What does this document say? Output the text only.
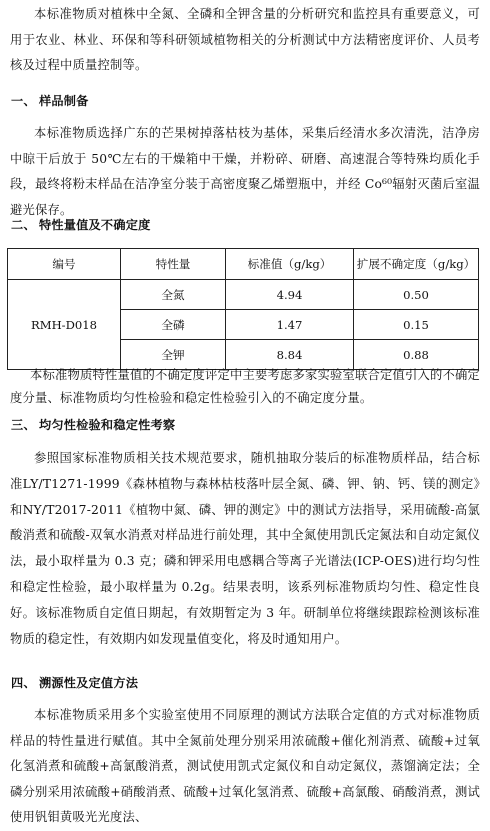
本标准物质对植株中全氮、全磷和全钾含量的分析研究和监控具有重要意义，可用于农业、林业、环保和等科研领域植物相关的分析测试中方法精密度评价、人员考核及过程中质量控制等。
一、 样品制备
本标准物质选择广东的芒果树掉落枯枝为基体，采集后经清水多次清洗，洁净房中晾干后放于 50℃左右的干燥箱中干燥，并粉碎、研磨、高速混合等特殊均质化手段，最终将粉末样品在洁净室分装于高密度聚乙烯塑瓶中，并经 Co⁶⁰辐射灭菌后室温避光保存。
二、 特性量值及不确定度
编号	特性量	标准值（g/kg）	扩展不确定度（g/kg）
RMH-D018	全氮	4.94	0.50
	全磷	1.47	0.15
	全钾	8.84	0.88
本标准物质特性量值的不确定度评定中主要考虑多家实验室联合定值引入的不确定度分量、标准物质均匀性检验和稳定性检验引入的不确定度分量。
三、 均匀性检验和稳定性考察
参照国家标准物质相关技术规范要求，随机抽取分装后的标准物质样品，结合标准LY/T1271-1999《森林植物与森林枯枝落叶层全氮、磷、钾、钠、钙、镁的测定》和NY/T2017-2011《植物中氮、磷、钾的测定》中的测试方法指导，采用硫酸-高氯酸消煮和硫酸-双氧水消煮对样品进行前处理，其中全氮使用凯氏定氮法和自动定氮仪法，最小取样量为 0.3 克；磷和钾采用电感耦合等离子光谱法(ICP-OES)进行均匀性和稳定性检验，最小取样量为 0.2g。结果表明，该系列标准物质均匀性、稳定性良好。该标准物质自定值日期起，有效期暂定为 3 年。研制单位将继续跟踪检测该标准物质的稳定性，有效期内如发现量值变化，将及时通知用户。
四、 溯源性及定值方法
本标准物质采用多个实验室使用不同原理的测试方法联合定值的方式对标准物质样品的特性量进行赋值。其中全氮前处理分别采用浓硫酸+催化剂消煮、硫酸+过氧化氢消煮和硫酸+高氯酸消煮，测试使用凯式定氮仪和自动定氮仪，蒸馏滴定法；全磷分别采用浓硫酸+硝酸消煮、硫酸+过氧化氢消煮、硫酸+高氯酸、硝酸消煮，测试使用钒钼黄吸光光度法、
